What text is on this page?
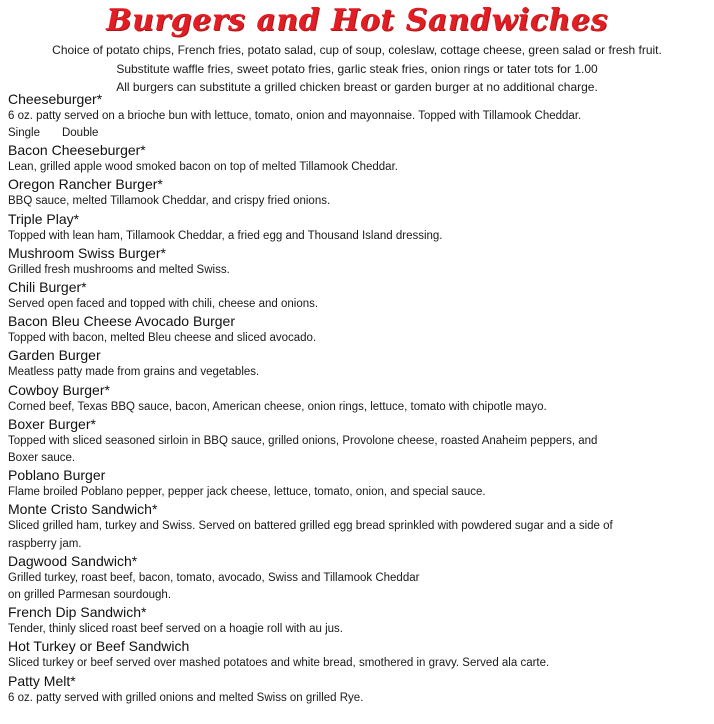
Burgers and Hot Sandwiches
Choice of potato chips, French fries, potato salad, cup of soup, coleslaw, cottage cheese, green salad or fresh fruit.
Substitute waffle fries, sweet potato fries, garlic steak fries, onion rings or tater tots for 1.00
All burgers can substitute a grilled chicken breast or garden burger at no additional charge.
Cheeseburger*
6 oz. patty served on a brioche bun with lettuce, tomato, onion and mayonnaise. Topped with Tillamook Cheddar.
Single Double
Bacon Cheeseburger*
Lean, grilled apple wood smoked bacon on top of melted Tillamook Cheddar.
Oregon Rancher Burger*
BBQ sauce, melted Tillamook Cheddar, and crispy fried onions.
Triple Play*
Topped with lean ham, Tillamook Cheddar, a fried egg and Thousand Island dressing.
Mushroom Swiss Burger*
Grilled fresh mushrooms and melted Swiss.
Chili Burger*
Served open faced and topped with chili, cheese and onions.
Bacon Bleu Cheese Avocado Burger
Topped with bacon, melted Bleu cheese and sliced avocado.
Garden Burger
Meatless patty made from grains and vegetables.
Cowboy Burger*
Corned beef, Texas BBQ sauce, bacon, American cheese, onion rings, lettuce, tomato with chipotle mayo.
Boxer Burger*
Topped with sliced seasoned sirloin in BBQ sauce, grilled onions, Provolone cheese, roasted Anaheim peppers, and
Boxer sauce.
Poblano Burger
Flame broiled Poblano pepper, pepper jack cheese, lettuce, tomato, onion, and special sauce.
Monte Cristo Sandwich*
Sliced grilled ham, turkey and Swiss. Served on battered grilled egg bread sprinkled with powdered sugar and a side of
raspberry jam.
Dagwood Sandwich*
Grilled turkey, roast beef, bacon, tomato, avocado, Swiss and Tillamook Cheddar
on grilled Parmesan sourdough.
French Dip Sandwich*
Tender, thinly sliced roast beef served on a hoagie roll with au jus.
Hot Turkey or Beef Sandwich
Sliced turkey or beef served over mashed potatoes and white bread, smothered in gravy. Served ala carte.
Patty Melt*
6 oz. patty served with grilled onions and melted Swiss on grilled Rye.
